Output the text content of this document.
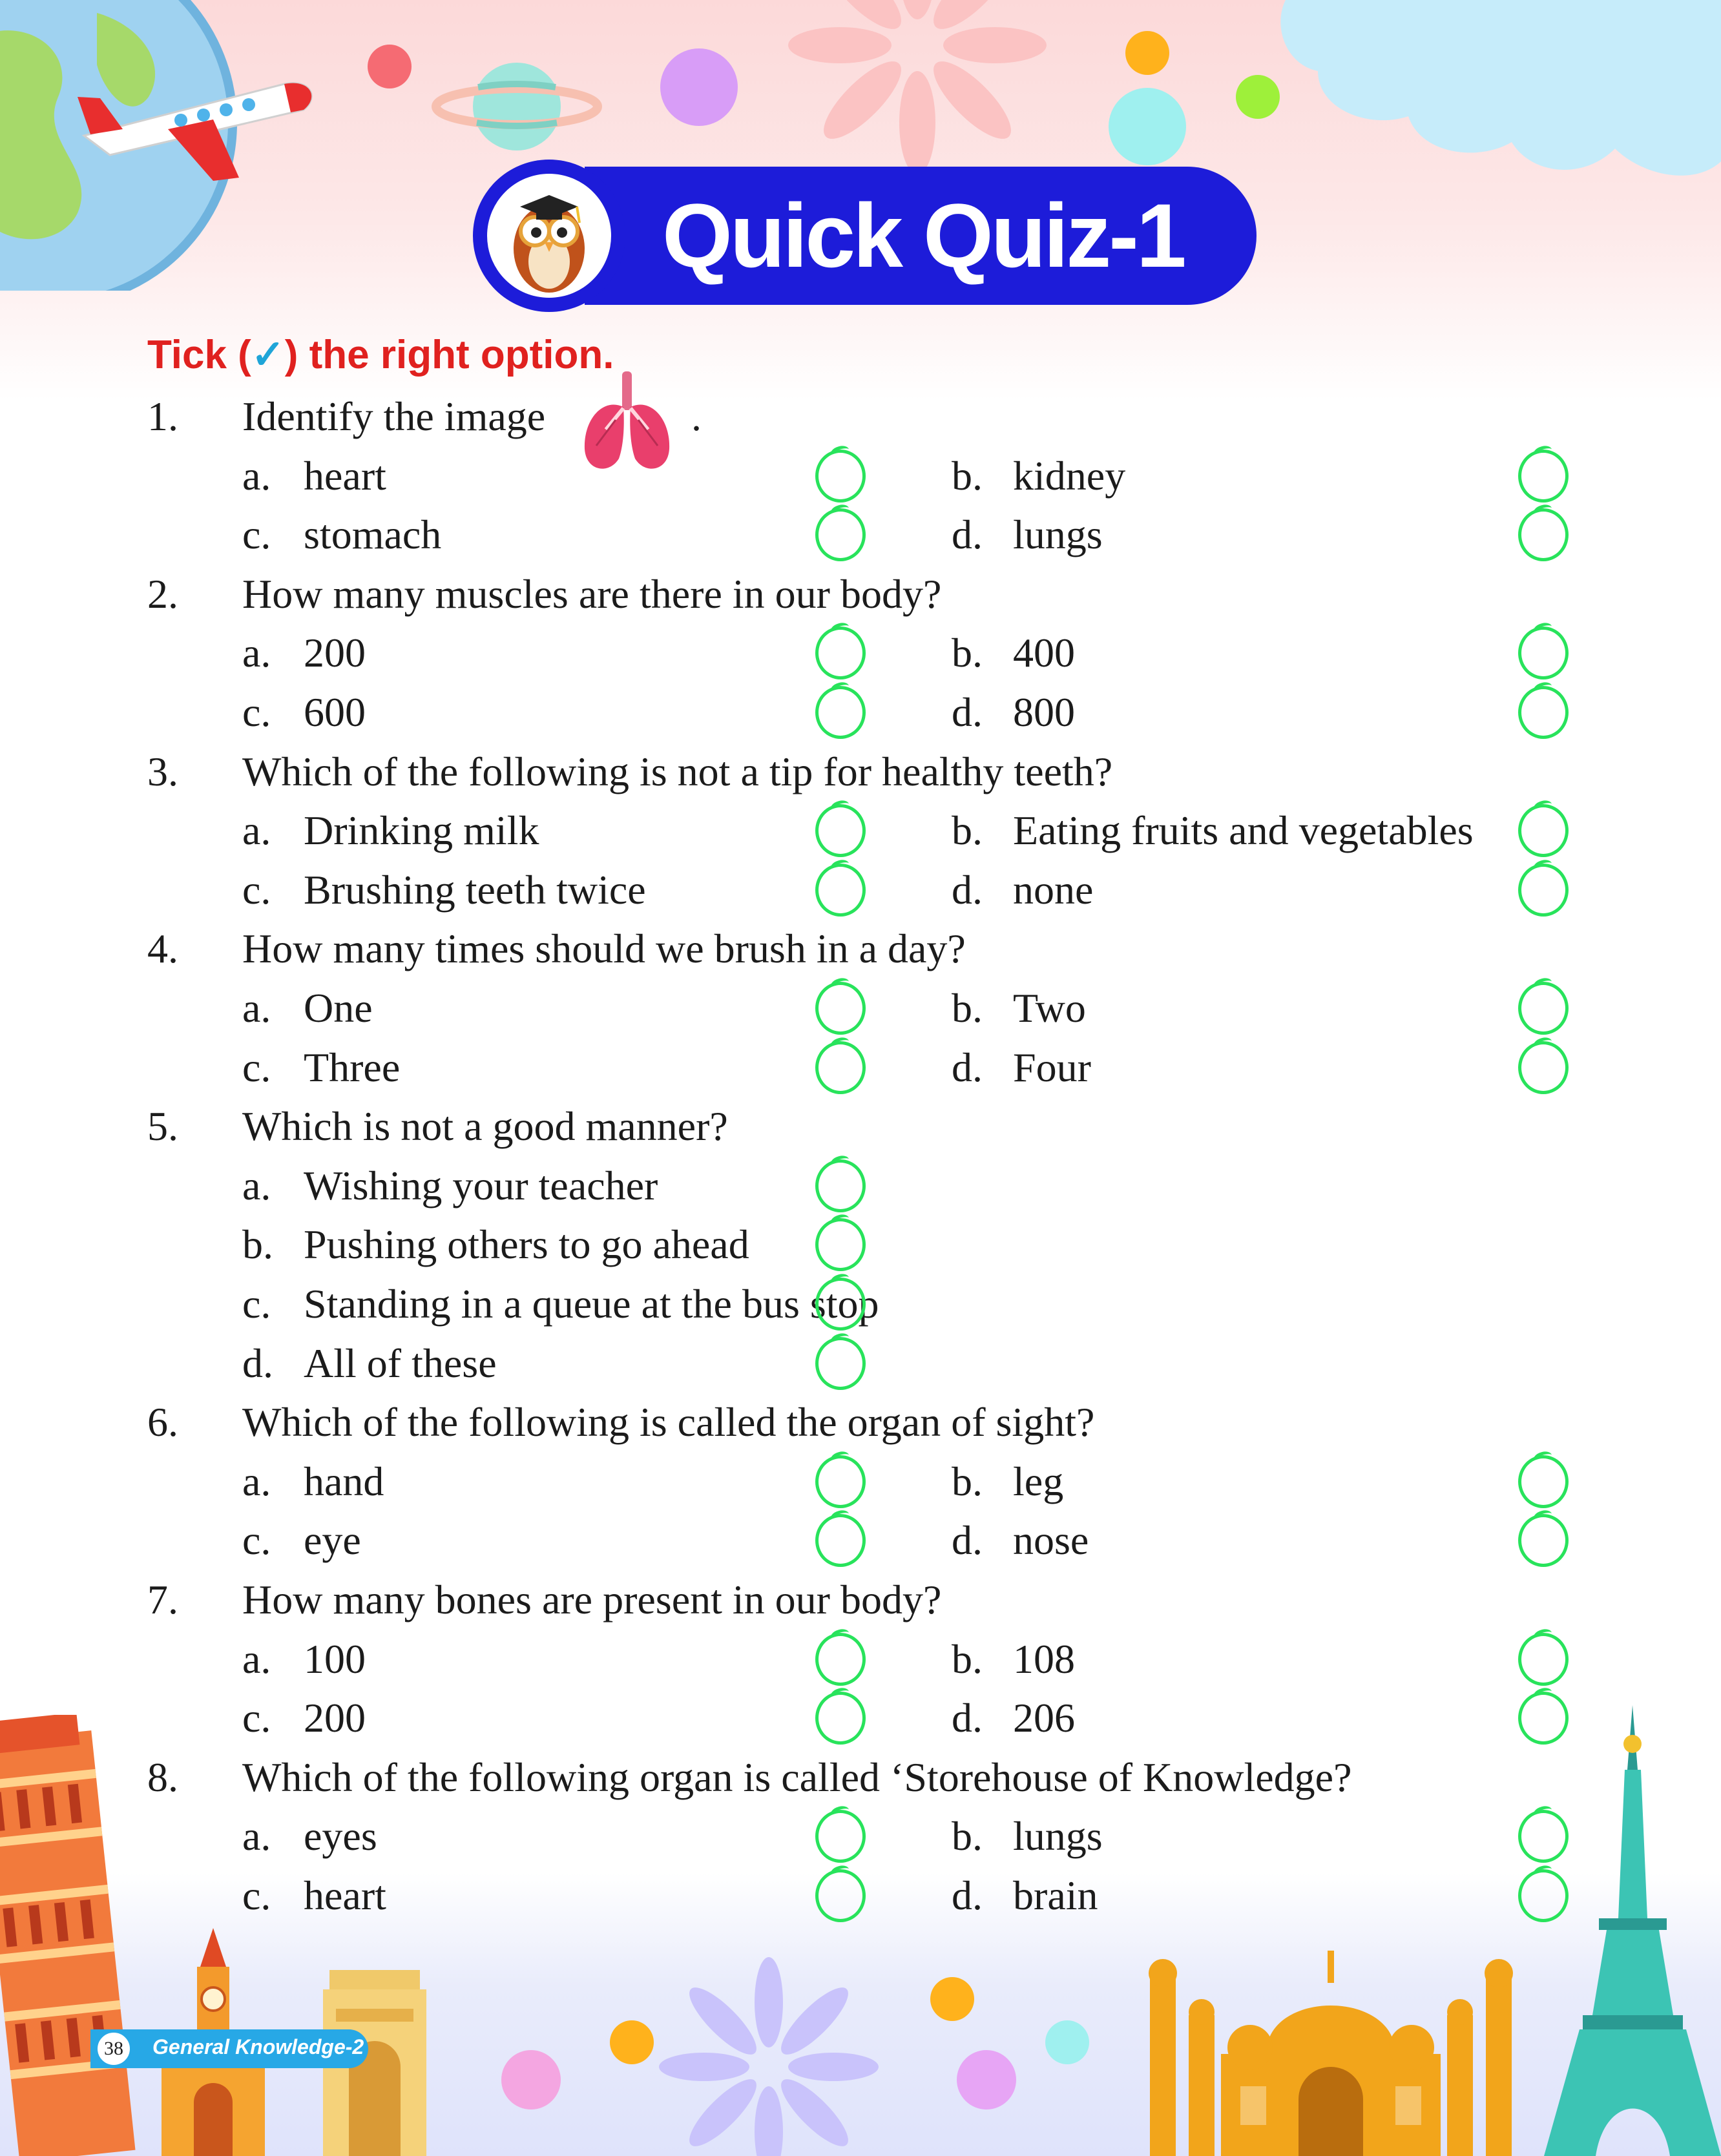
Quick Quiz-1
Tick (✓) the right option.
1. Identify the image	.
a. heart	b. kidney
c. stomach	d. lungs
2. How many muscles are there in our body?
a. 200	b. 400
c. 600	d. 800
3. Which of the following is not a tip for healthy teeth?
a. Drinking milk	b. Eating fruits and vegetables
c. Brushing teeth twice	d. none
4. How many times should we brush in a day?
a. One	b. Two
c. Three	d. Four
5. Which is not a good manner?
a. Wishing your teacher
b. Pushing others to go ahead
c. Standing in a queue at the bus stop
d. All of these
6. Which of the following is called the organ of sight?
a. hand	b. leg
c. eye	d. nose
7. How many bones are present in our body?
a. 100	b. 108
c. 200	d. 206
8. Which of the following organ is called ‘Storehouse of Knowledge?
a. eyes	b. lungs
c. heart	d. brain
38	General Knowledge-2
